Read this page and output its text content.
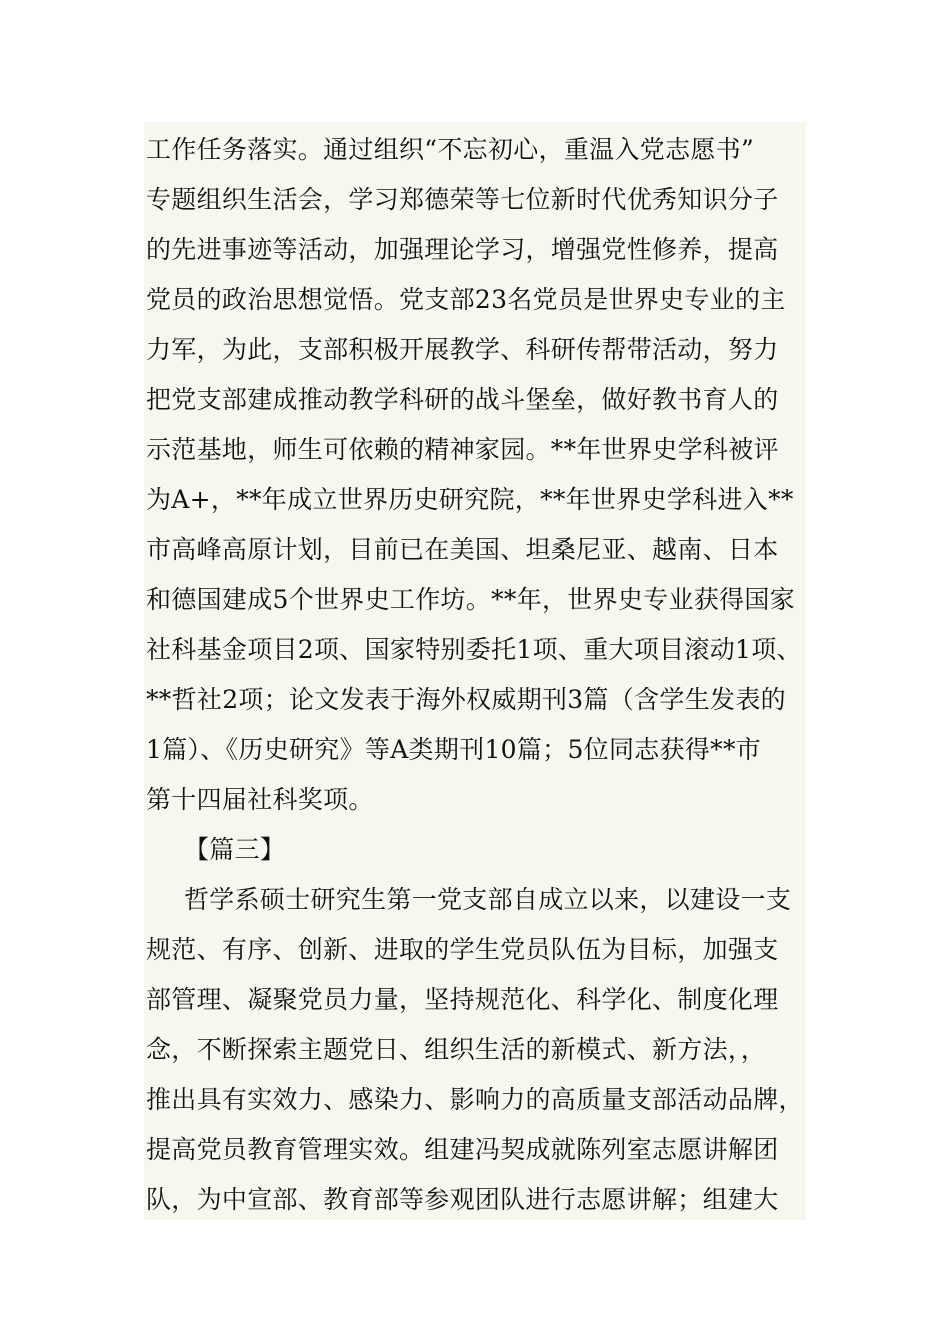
工作任务落实。通过组织“不忘初心，重温入党志愿书”
专题组织生活会，学习郑德荣等七位新时代优秀知识分子
的先进事迹等活动，加强理论学习，增强党性修养，提高
党员的政治思想觉悟。党支部23名党员是世界史专业的主
力军，为此，支部积极开展教学、科研传帮带活动，努力
把党支部建成推动教学科研的战斗堡垒，做好教书育人的
示范基地，师生可依赖的精神家园。**年世界史学科被评
为A+，**年成立世界历史研究院，**年世界史学科进入**
市高峰高原计划，目前已在美国、坦桑尼亚、越南、日本
和德国建成5个世界史工作坊。**年，世界史专业获得国家
社科基金项目2项、国家特别委托1项、重大项目滚动1项、
**哲社2项；论文发表于海外权威期刊3篇（含学生发表的
1篇）、《历史研究》等A类期刊10篇；5位同志获得**市
第十四届社科奖项。
【篇三】
哲学系硕士研究生第一党支部自成立以来，以建设一支
规范、有序、创新、进取的学生党员队伍为目标，加强支
部管理、凝聚党员力量，坚持规范化、科学化、制度化理
念，不断探索主题党日、组织生活的新模式、新方法，，
推出具有实效力、感染力、影响力的高质量支部活动品牌，
提高党员教育管理实效。组建冯契成就陈列室志愿讲解团
队，为中宣部、教育部等参观团队进行志愿讲解；组建大
